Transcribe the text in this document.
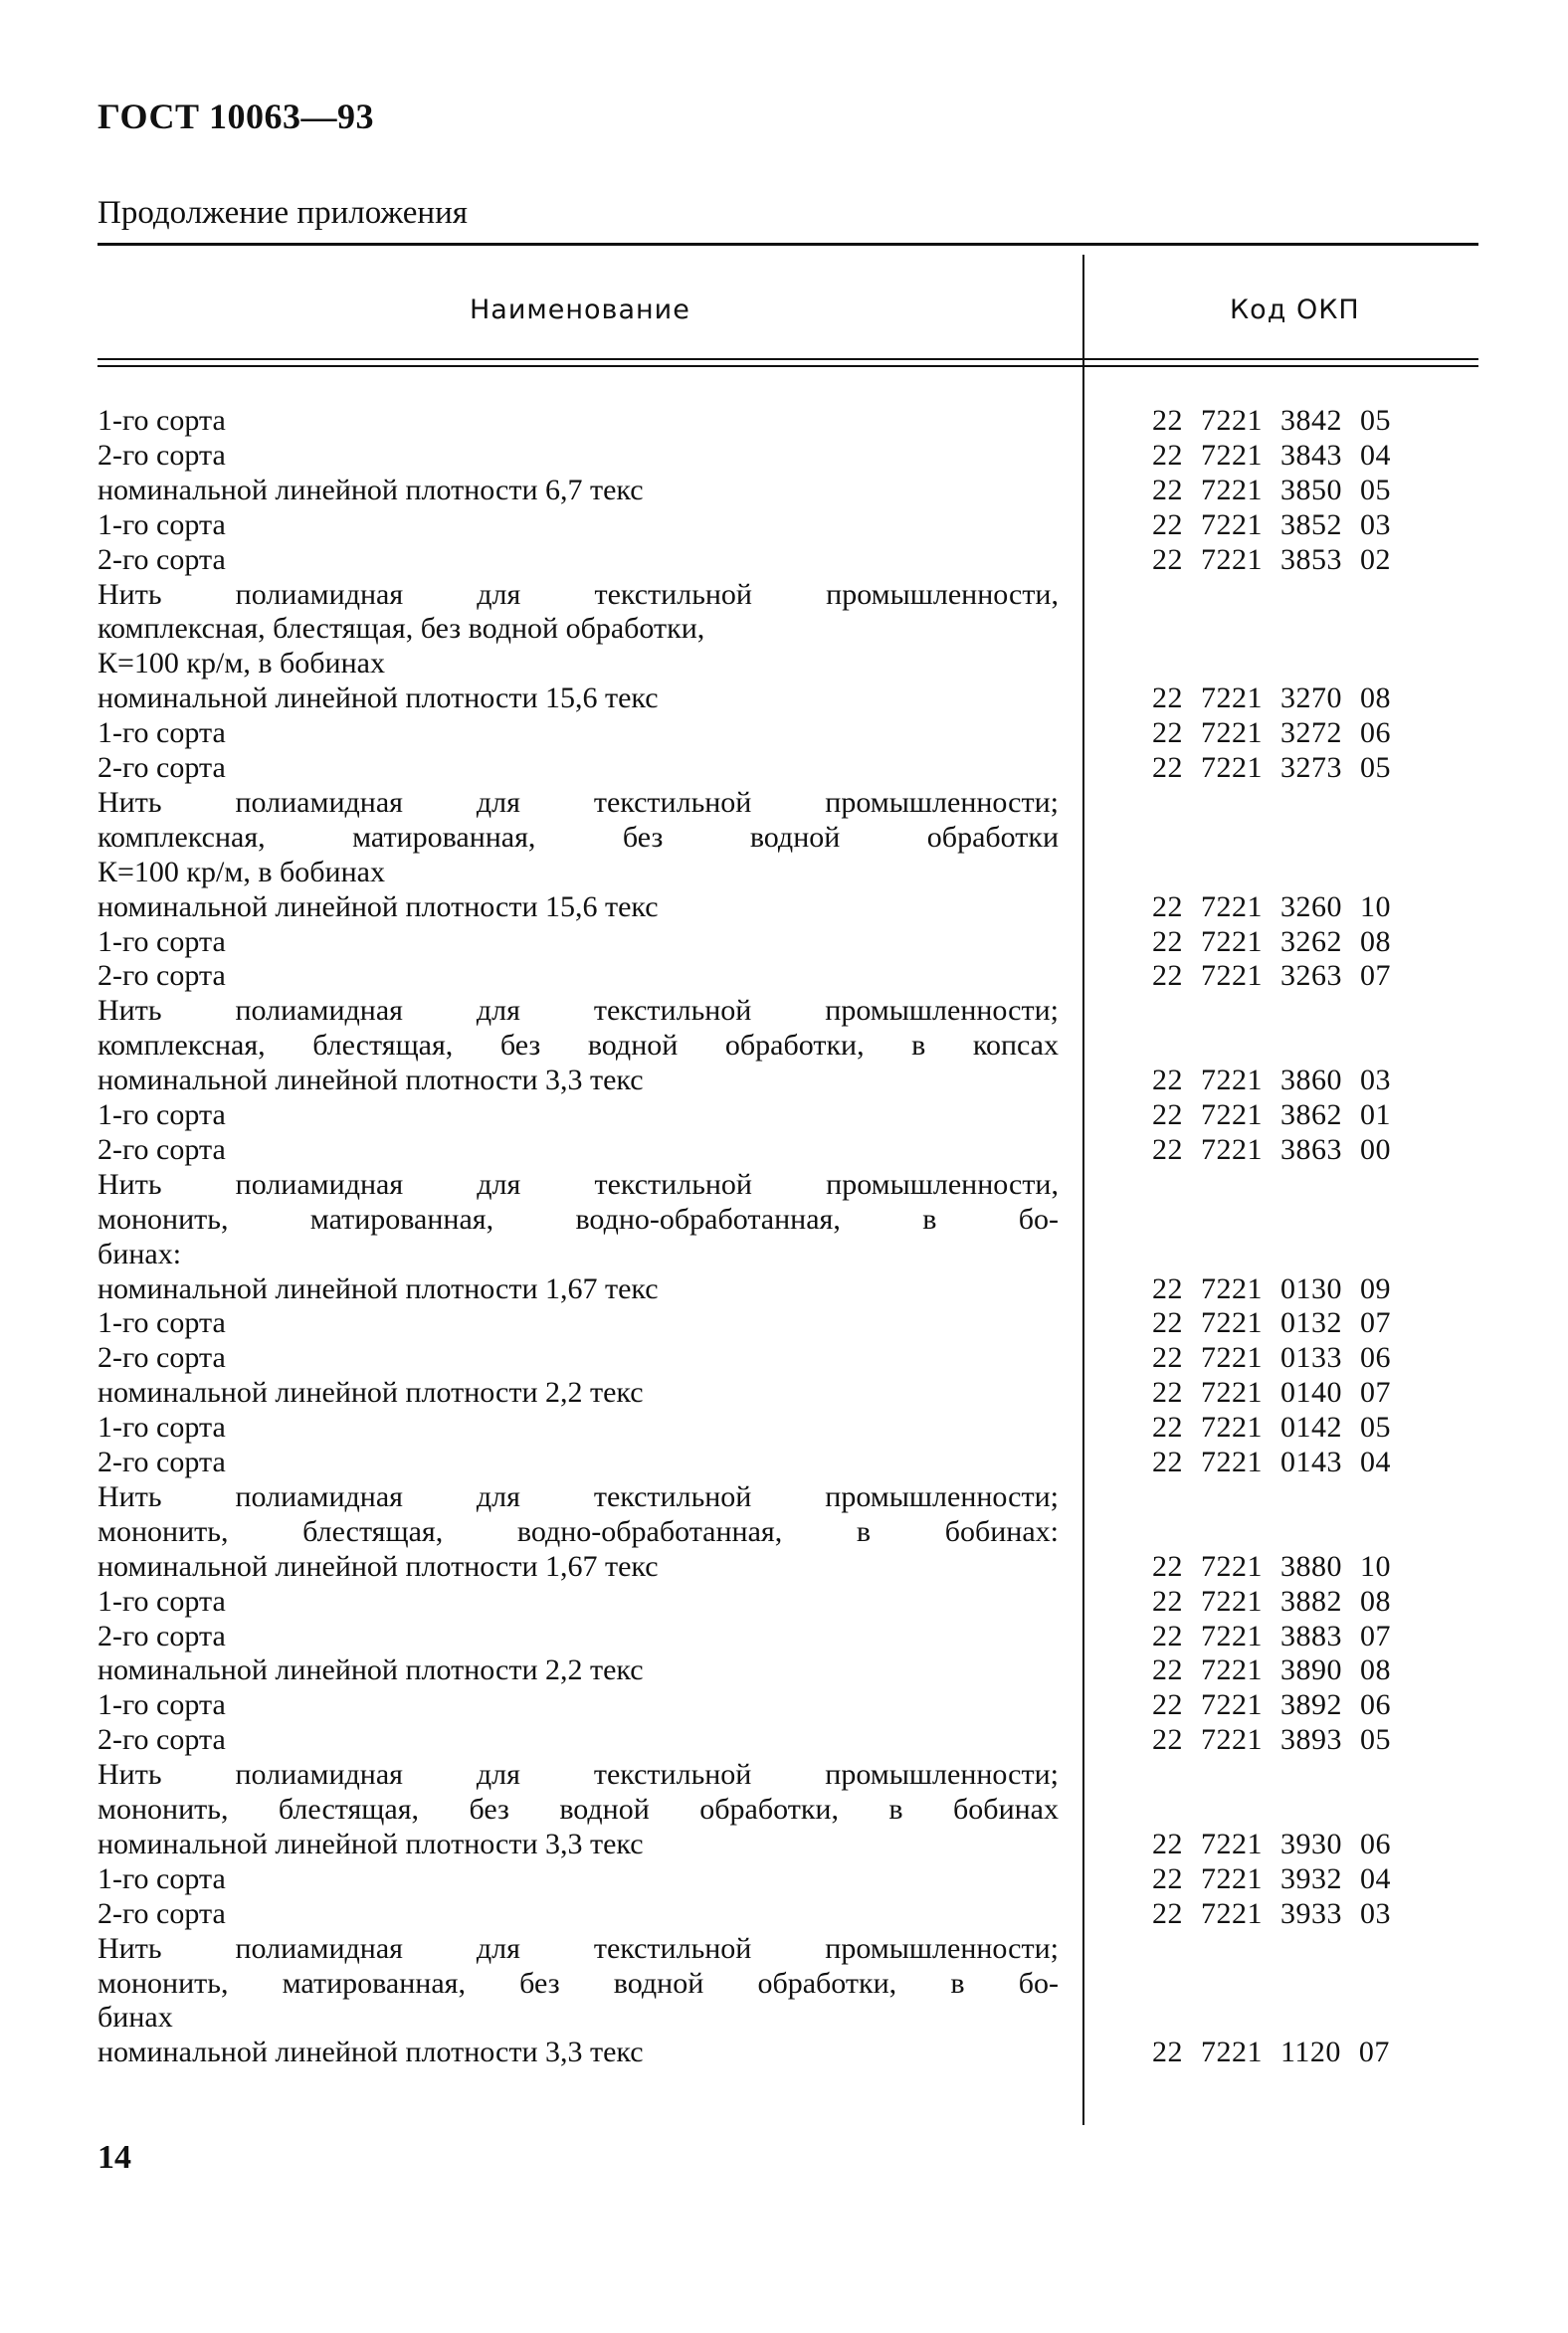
ГОСТ 10063—93
Продолжение приложения
Наименование	Код ОКП
1-го сорта	22 7221 3842 05
2-го сорта	22 7221 3843 04
номинальной линейной плотности 6,7 текс	22 7221 3850 05
1-го сорта	22 7221 3852 03
2-го сорта	22 7221 3853 02
Нить полиамидная для текстильной промышленности,
комплексная, блестящая, без водной обработки,
К=100 кр/м, в бобинах
номинальной линейной плотности 15,6 текс	22 7221 3270 08
1-го сорта	22 7221 3272 06
2-го сорта	22 7221 3273 05
Нить полиамидная для текстильной промышленности;
комплексная, матированная, без водной обработки
К=100 кр/м, в бобинах
номинальной линейной плотности 15,6 текс	22 7221 3260 10
1-го сорта	22 7221 3262 08
2-го сорта	22 7221 3263 07
Нить полиамидная для текстильной промышленности;
комплексная, блестящая, без водной обработки, в копсах
номинальной линейной плотности 3,3 текс	22 7221 3860 03
1-го сорта	22 7221 3862 01
2-го сорта	22 7221 3863 00
Нить полиамидная для текстильной промышленности,
мононить, матированная, водно-обработанная, в бо-
бинах:
номинальной линейной плотности 1,67 текс	22 7221 0130 09
1-го сорта	22 7221 0132 07
2-го сорта	22 7221 0133 06
номинальной линейной плотности 2,2 текс	22 7221 0140 07
1-го сорта	22 7221 0142 05
2-го сорта	22 7221 0143 04
Нить полиамидная для текстильной промышленности;
мононить, блестящая, водно-обработанная, в бобинах:
номинальной линейной плотности 1,67 текс	22 7221 3880 10
1-го сорта	22 7221 3882 08
2-го сорта	22 7221 3883 07
номинальной линейной плотности 2,2 текс	22 7221 3890 08
1-го сорта	22 7221 3892 06
2-го сорта	22 7221 3893 05
Нить полиамидная для текстильной промышленности;
мононить, блестящая, без водной обработки, в бобинах
номинальной линейной плотности 3,3 текс	22 7221 3930 06
1-го сорта	22 7221 3932 04
2-го сорта	22 7221 3933 03
Нить полиамидная для текстильной промышленности;
мононить, матированная, без водной обработки, в бо-
бинах
номинальной линейной плотности 3,3 текс	22 7221 1120 07
14
